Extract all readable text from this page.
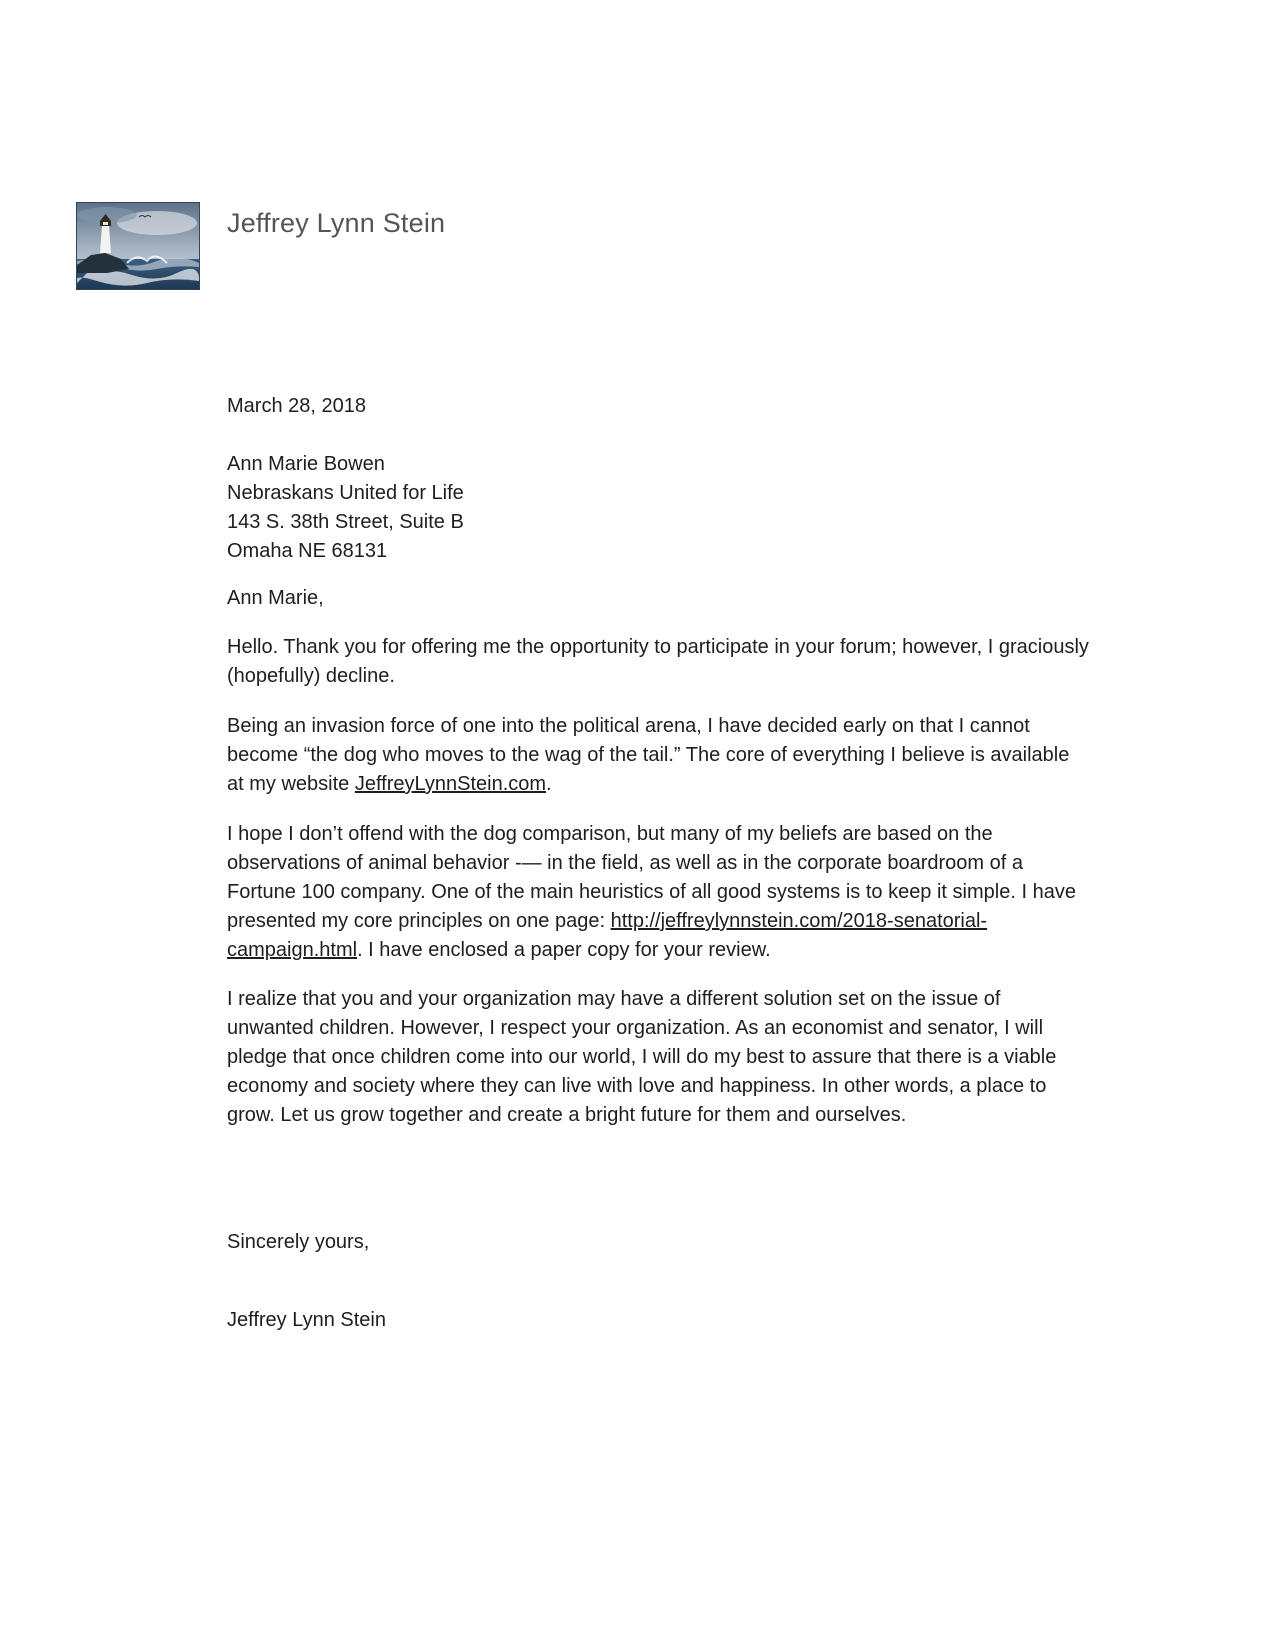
Jeffrey Lynn Stein
March 28, 2018

Ann Marie Bowen

Nebraskans United for Life

143 S. 38th Street, Suite B

Omaha NE 68131

Ann Marie,
Hello. Thank you for offering me the opportunity to participate in your forum; however, I graciously (hopefully) decline.
Being an invasion force of one into the political arena, I have decided early on that I cannot become “the dog who moves to the wag of the tail.” The core of everything I believe is available at my website JeffreyLynnStein.com.
I hope I don’t offend with the dog comparison, but many of my beliefs are based on the observations of animal behavior -— in the field, as well as in the corporate boardroom of a Fortune 100 company. One of the main heuristics of all good systems is to keep it simple. I have presented my core principles on one page: http://jeffreylynnstein.com/2018-senatorial-campaign.html. I have enclosed a paper copy for your review.
I realize that you and your organization may have a different solution set on the issue of unwanted children. However, I respect your organization. As an economist and senator, I will pledge that once children come into our world, I will do my best to assure that there is a viable economy and society where they can live with love and happiness. In other words, a place to grow. Let us grow together and create a bright future for them and ourselves.
Sincerely yours,
Jeffrey Lynn Stein
